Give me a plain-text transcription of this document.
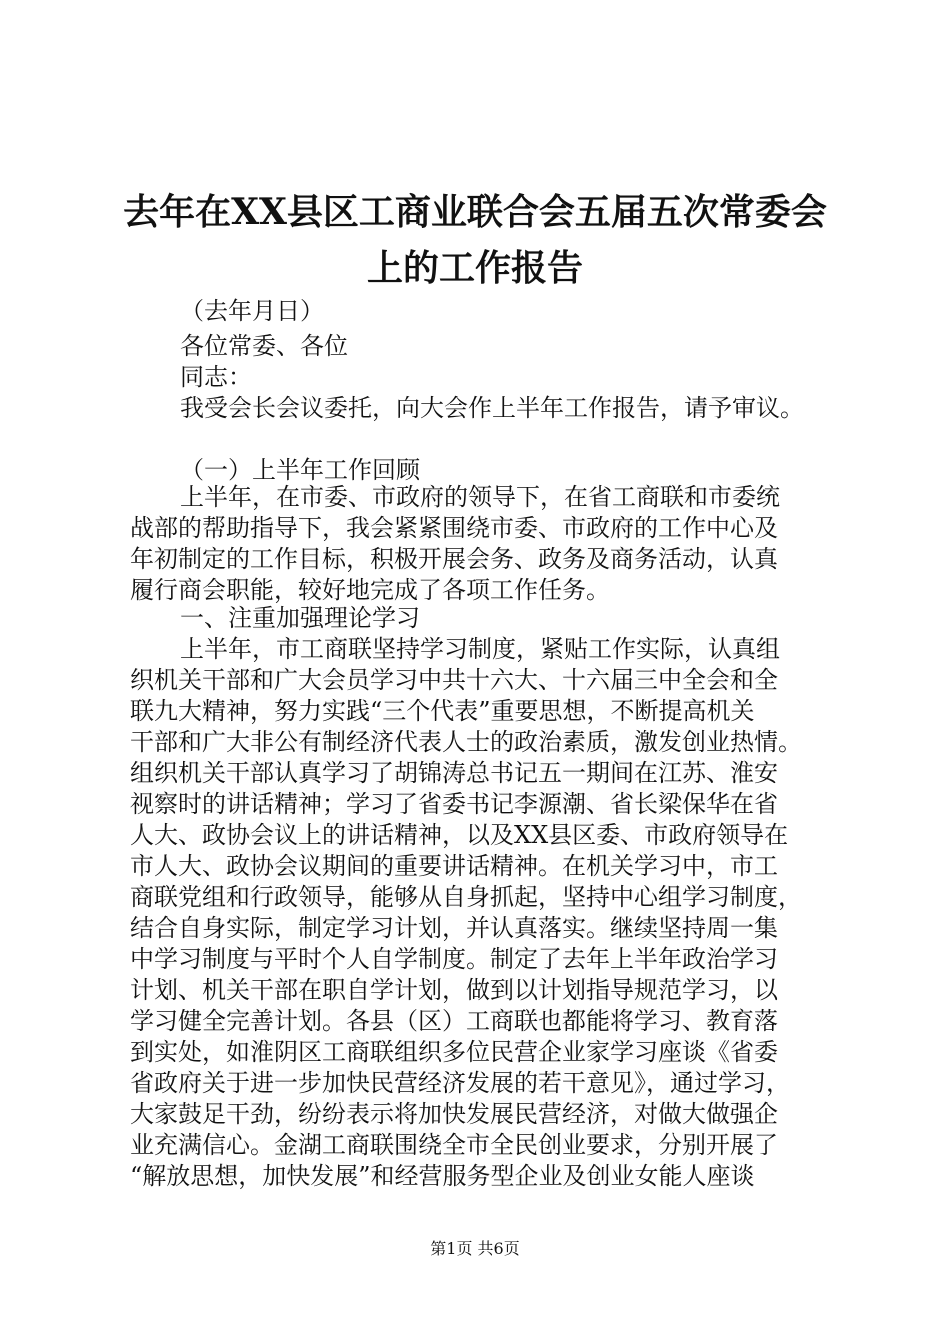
去年在XX县区工商业联合会五届五次常委会
上的工作报告
（去年月日）
各位常委、各位
同志：
我受会长会议委托，向大会作上半年工作报告，请予审议。
（一）上半年工作回顾
上半年，在市委、市政府的领导下，在省工商联和市委统
战部的帮助指导下，我会紧紧围绕市委、市政府的工作中心及
年初制定的工作目标，积极开展会务、政务及商务活动，认真
履行商会职能，较好地完成了各项工作任务。
一、注重加强理论学习
上半年，市工商联坚持学习制度，紧贴工作实际，认真组
织机关干部和广大会员学习中共十六大、十六届三中全会和全
联九大精神，努力实践“三个代表”重要思想，不断提高机关
干部和广大非公有制经济代表人士的政治素质，激发创业热情。
组织机关干部认真学习了胡锦涛总书记五一期间在江苏、淮安
视察时的讲话精神；学习了省委书记李源潮、省长梁保华在省
人大、政协会议上的讲话精神，以及XX县区委、市政府领导在
市人大、政协会议期间的重要讲话精神。在机关学习中，市工
商联党组和行政领导，能够从自身抓起，坚持中心组学习制度，
结合自身实际，制定学习计划，并认真落实。继续坚持周一集
中学习制度与平时个人自学制度。制定了去年上半年政治学习
计划、机关干部在职自学计划，做到以计划指导规范学习，以
学习健全完善计划。各县（区）工商联也都能将学习、教育落
到实处，如淮阴区工商联组织多位民营企业家学习座谈《省委
省政府关于进一步加快民营经济发展的若干意见》，通过学习，
大家鼓足干劲，纷纷表示将加快发展民营经济，对做大做强企
业充满信心。金湖工商联围绕全市全民创业要求，分别开展了
“解放思想，加快发展”和经营服务型企业及创业女能人座谈
第1页 共6页
